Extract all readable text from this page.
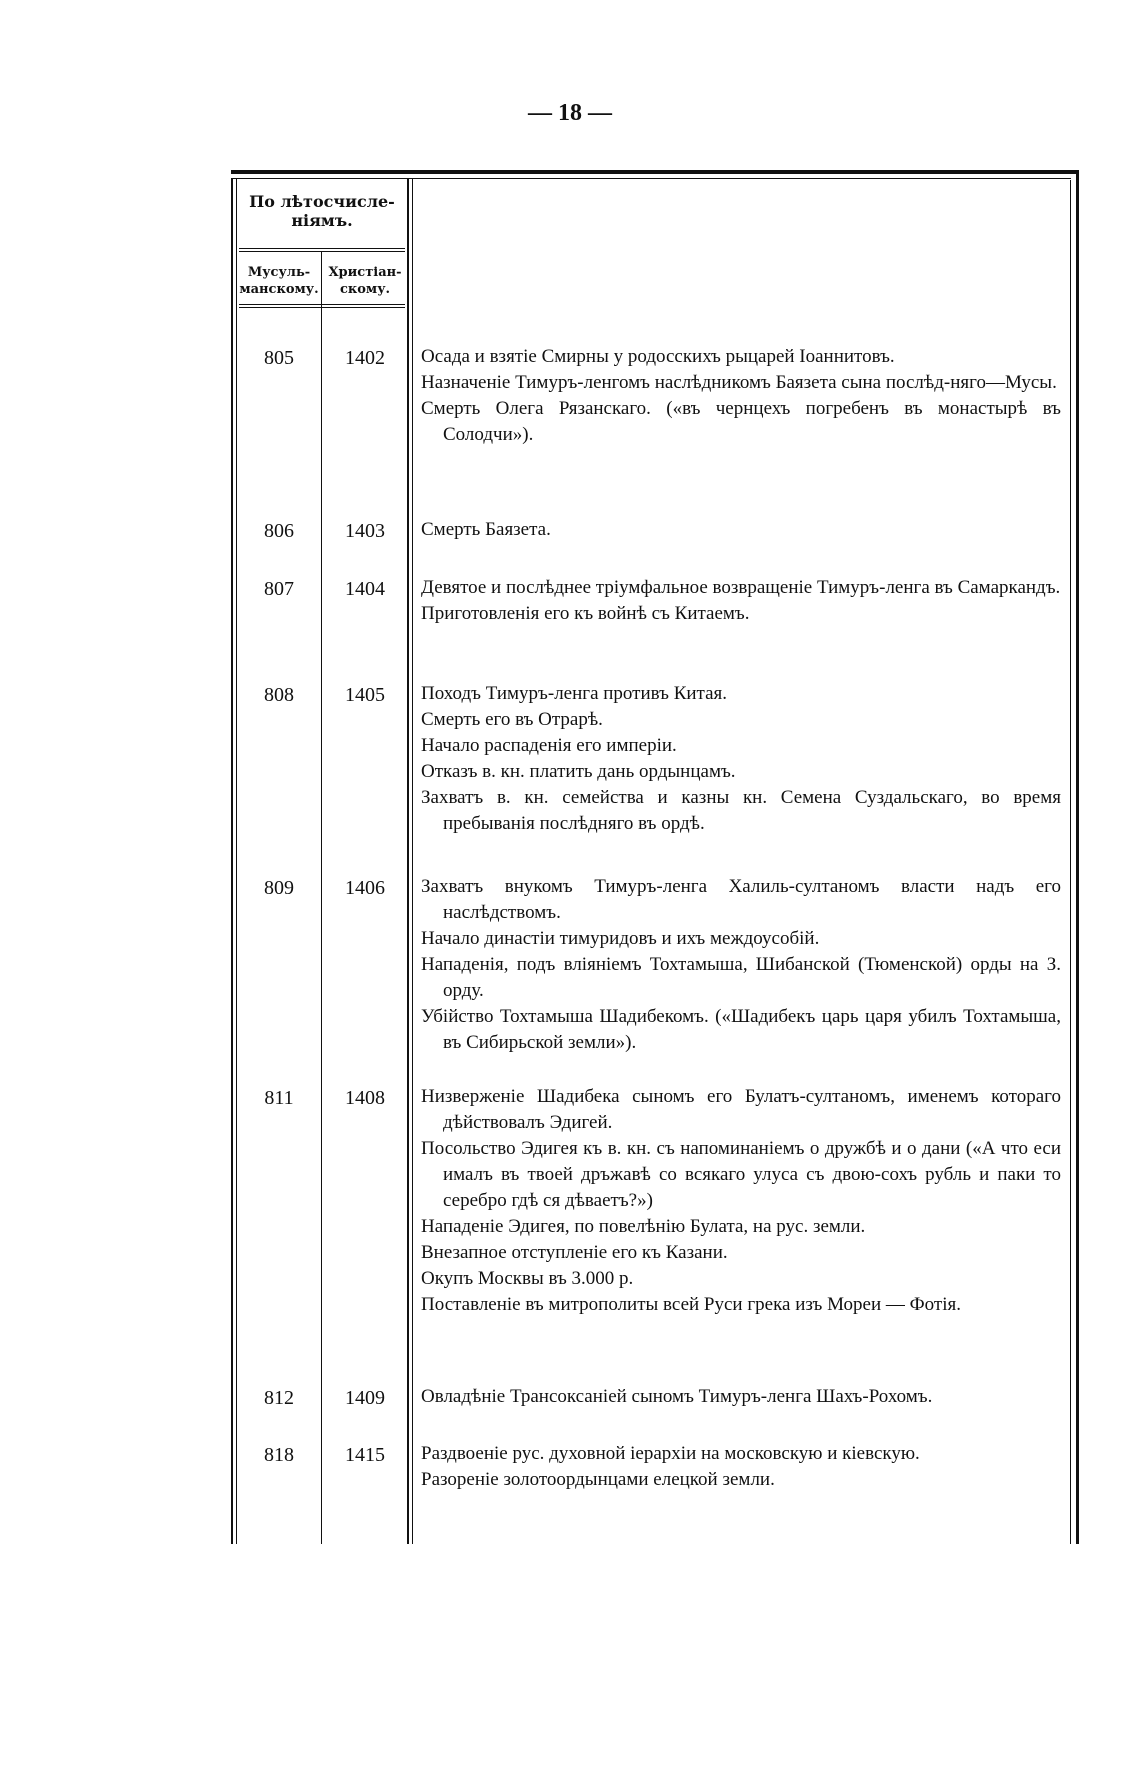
— 18 —
По лѣтосчисле-
ніямъ.
Мусуль-
манскому.
Христіан-
скому.
805	1402	Осада и взятіе Смирны у родосскихъ рыцарей Іоаннитовъ.
Назначеніе Тимуръ-ленгомъ наслѣдникомъ Баязета сына послѣд-няго—Мусы.
Смерть Олега Рязанскаго. («въ чернцехъ погребенъ въ монастырѣ въ Солодчи»).
806	1403	Смерть Баязета.
807	1404	Девятое и послѣднее тріумфальное возвращеніе Тимуръ-ленга въ Самаркандъ.
Приготовленія его къ войнѣ съ Китаемъ.
808	1405	Походъ Тимуръ-ленга противъ Китая.
Смерть его въ Отрарѣ.
Начало распаденія его имперіи.
Отказъ в. кн. платить дань ордынцамъ.
Захватъ в. кн. семейства и казны кн. Семена Суздальскаго, во время пребыванія послѣдняго въ ордѣ.
809	1406	Захватъ внукомъ Тимуръ-ленга Халиль-султаномъ власти надъ его наслѣдствомъ.
Начало династіи тимуридовъ и ихъ междоусобій.
Нападенія, подъ вліяніемъ Тохтамыша, Шибанской (Тюменской) орды на З. орду.
Убійство Тохтамыша Шадибекомъ. («Шадибекъ царь царя убилъ Тохтамыша, въ Сибирьской земли»).
811	1408	Низверженіе Шадибека сыномъ его Булатъ-султаномъ, именемъ котораго дѣйствовалъ Эдигей.
Посольство Эдигея къ в. кн. съ напоминаніемъ о дружбѣ и о дани («А что еси ималъ въ твоей дръжавѣ со всякаго улуса съ двою-сохъ рубль и паки то серебро гдѣ ся дѣваетъ?»)
Нападеніе Эдигея, по повелѣнію Булата, на рус. земли.
Внезапное отступленіе его къ Казани.
Окупъ Москвы въ 3.000 р.
Поставленіе въ митрополиты всей Руси грека изъ Мореи — Фотія.
812	1409	Овладѣніе Трансоксаніей сыномъ Тимуръ-ленга Шахъ-Рохомъ.
818	1415	Раздвоеніе рус. духовной іерархіи на московскую и кіевскую.
Разореніе золотоордынцами елецкой земли.
